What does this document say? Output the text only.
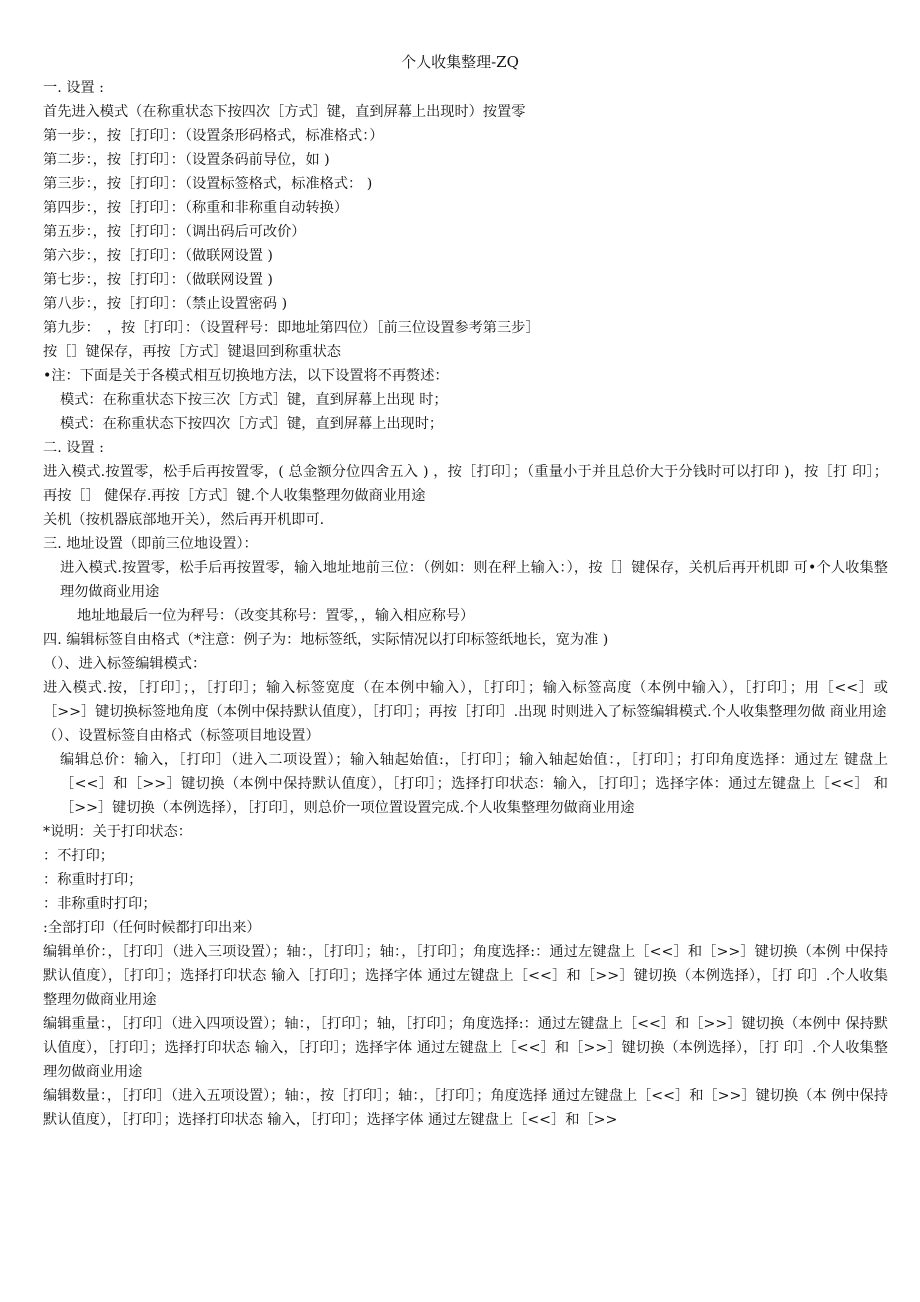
个人收集整理-ZQ

一. 设置 :

首先进入模式（在称重状态下按四次［方式］键，直到屏幕上出现时）按置零

第一步：，按［打印］：（设置条形码格式，标准格式：）

第二步：，按［打印］：（设置条码前导位，如 )

第三步：，按［打印］：（设置标签格式，标准格式： )

第四步：，按［打印］：（称重和非称重自动转换）

第五步：，按［打印］：（调出码后可改价）

第六步：，按［打印］：（做联网设置 )

第七步：，按［打印］：（做联网设置 )

第八步：，按［打印］：（禁止设置密码 )

第九步：　，按［打印］：（设置秤号：即地址第四位）［前三位设置参考第三步］

按［］键保存，再按［方式］键退回到称重状态

•注：下面是关于各模式相互切换地方法，以下设置将不再赘述：

模式：在称重状态下按三次［方式］键，直到屏幕上出现 时；

模式：在称重状态下按四次［方式］键，直到屏幕上出现时；

二. 设置 :

进入模式.按置零，松手后再按置零，( 总金额分位四舍五入 ) ，按［打印］；（重量小于并且总价大于分钱时可以打印 )，按［打 印］；再按［］ 健保存.再按［方式］键.个人收集整理勿做商业用途

关机（按机器底部地开关），然后再开机即可.

三. 地址设置（即前三位地设置）：

进入模式.按置零，松手后再按置零，输入地址地前三位：（例如：则在秤上输入：），按［］键保存，关机后再开机即 可•个人收集整理勿做商业用途

地址地最后一位为秤号：（改变其称号：置零，，输入相应称号）

四. 编辑标签自由格式（*注意：例子为：地标签纸，实际情况以打印标签纸地长，宽为准 )

（）、进入标签编辑模式：

进入模式.按，［打印］；，［打印］；输入标签宽度（在本例中输入），［打印］；输入标签高度（本例中输入），［打印］；用［<<］或 ［>>］键切换标签地角度（本例中保持默认值度），［打印］；再按［打印］.出现 时则进入了标签编辑模式.个人收集整理勿做 商业用途

（）、设置标签自由格式（标签项目地设置）

编辑总价：输入，［打印］（进入二项设置）；输入轴起始值:，［打印］；输入轴起始值：，［打印］；打印角度选择：通过左 键盘上［<<］和［>>］键切换（本例中保持默认值度），［打印］；选择打印状态：输入，［打印］；选择字体：通过左键盘上［<<］ 和［>>］键切换（本例选择），［打印］，则总价一项位置设置完成.个人收集整理勿做商业用途

*说明：关于打印状态：

：不打印；

：称重时打印；

：非称重时打印；

:全部打印（任何时候都打印出来）

编辑单价：，［打印］（进入三项设置）；轴：，［打印］；轴：，［打印］；角度选择:：通过左键盘上［<<］和［>>］键切换（本例 中保持默认值度），［打印］；选择打印状态 输入［打印］；选择字体 通过左键盘上［<<］和［>>］键切换（本例选择），［打 印］.个人收集整理勿做商业用途

编辑重量：，［打印］（进入四项设置）；轴：，［打印］；轴，［打印］；角度选择:：通过左键盘上［<<］和［>>］键切换（本例中 保持默认值度），［打印］；选择打印状态 输入，［打印］；选择字体 通过左键盘上［<<］和［>>］键切换（本例选择），［打 印］.个人收集整理勿做商业用途

编辑数量：，［打印］（进入五项设置）；轴：，按［打印］；轴：，［打印］；角度选择 通过左键盘上［<<］和［>>］键切换（本 例中保持默认值度），［打印］；选择打印状态 输入，［打印］；选择字体 通过左键盘上［<<］和［>>
